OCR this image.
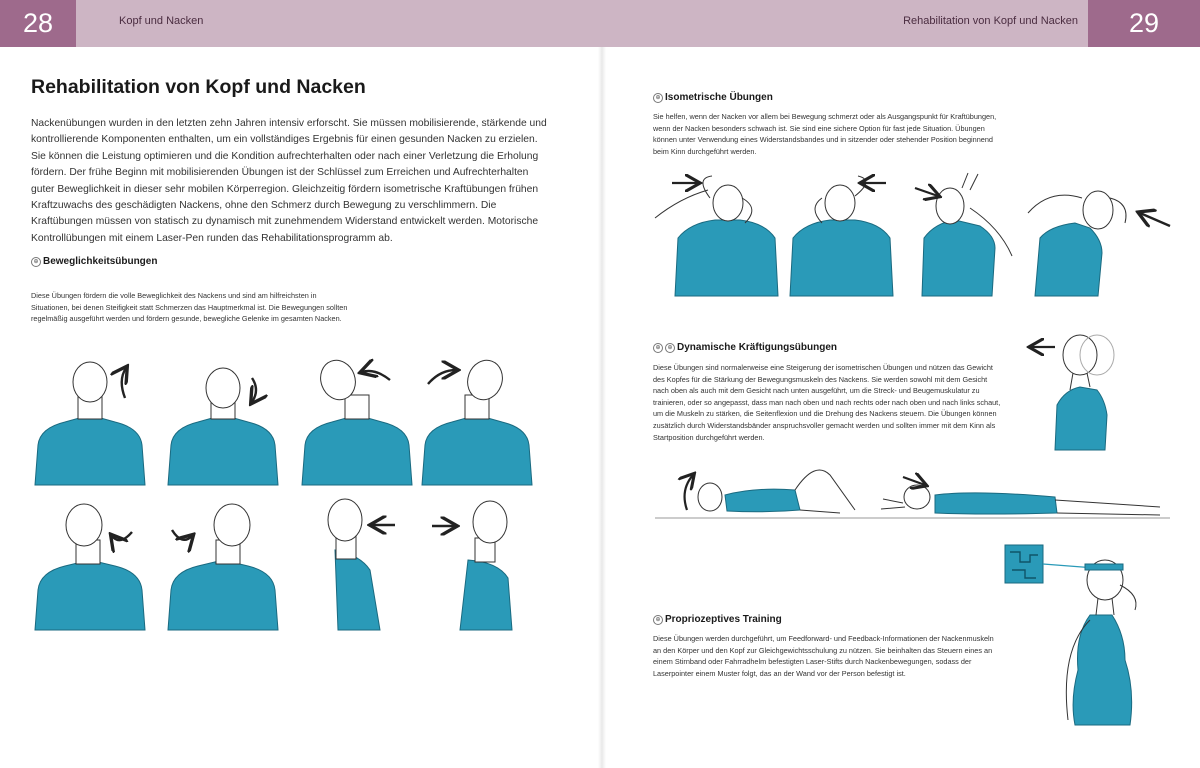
28	Kopf und Nacken	Rehabilitation von Kopf und Nacken	29
Rehabilitation von Kopf und Nacken

Nackenübungen wurden in den letzten zehn Jahren intensiv erforscht. Sie müssen mobilisierende, stärkende und kontrollierende Komponenten enthalten, um ein vollständiges Ergebnis für einen gesunden Nacken zu erzielen. Sie können die Leistung optimieren und die Kondition aufrechterhalten oder nach einer Verletzung die Erholung fördern. Der frühe Beginn mit mobilisierenden Übungen ist der Schlüssel zum Erreichen und Aufrechterhalten guter Beweglichkeit in dieser sehr mobilen Körperregion. Gleichzeitig fördern isometrische Kraftübungen frühen Kraftzuwachs des geschädigten Nackens, ohne den Schmerz durch Bewegung zu verschlimmern. Die Kraftübungen müssen von statisch zu dynamisch mit zunehmendem Widerstand entwickelt werden. Motorische Kontrollübungen mit einem Laser-Pen runden das Rehabilitationsprogramm ab.

⊕ Beweglichkeitsübungen

Diese Übungen fördern die volle Beweglichkeit des Nackens und sind am hilfreichsten in Situationen, bei denen Steifigkeit statt Schmerzen das Hauptmerkmal ist. Die Bewegungen sollten regelmäßig ausgeführt werden und fördern gesunde, bewegliche Gelenke im gesamten Nacken.

⊕ Isometrische Übungen

Sie helfen, wenn der Nacken vor allem bei Bewegung schmerzt oder als Ausgangspunkt für Kraftübungen, wenn der Nacken besonders schwach ist. Sie sind eine sichere Option für fast jede Situation. Übungen können unter Verwendung eines Widerstandsbandes und in sitzender oder stehender Position beginnend beim Kinn durchgeführt werden.

⊕ ⊕ Dynamische Kräftigungsübungen

Diese Übungen sind normalerweise eine Steigerung der isometrischen Übungen und nützen das Gewicht des Kopfes für die Stärkung der Bewegungsmuskeln des Nackens. Sie werden sowohl mit dem Gesicht nach oben als auch mit dem Gesicht nach unten ausgeführt, um die Streck- und Beugemuskulatur zu trainieren, oder so angepasst, dass man nach oben und nach rechts oder nach oben und nach links schaut, um die Muskeln zu stärken, die Seitenflexion und die Drehung des Nackens steuern. Die Übungen können zusätzlich durch Widerstandsbänder anspruchsvoller gemacht werden und sollten immer mit dem Kinn als Startposition durchgeführt werden.

⊕ Propriozeptives Training

Diese Übungen werden durchgeführt, um Feedforward- und Feedback-Informationen der Nackenmuskeln an den Körper und den Kopf zur Gleichgewichtsschulung zu nützen. Sie beinhalten das Steuern eines an einem Stirnband oder Fahrradhelm befestigten Laser-Stifts durch Nackenbewegungen, sodass der Laserpointer einem Muster folgt, das an der Wand vor der Person befestigt ist.
